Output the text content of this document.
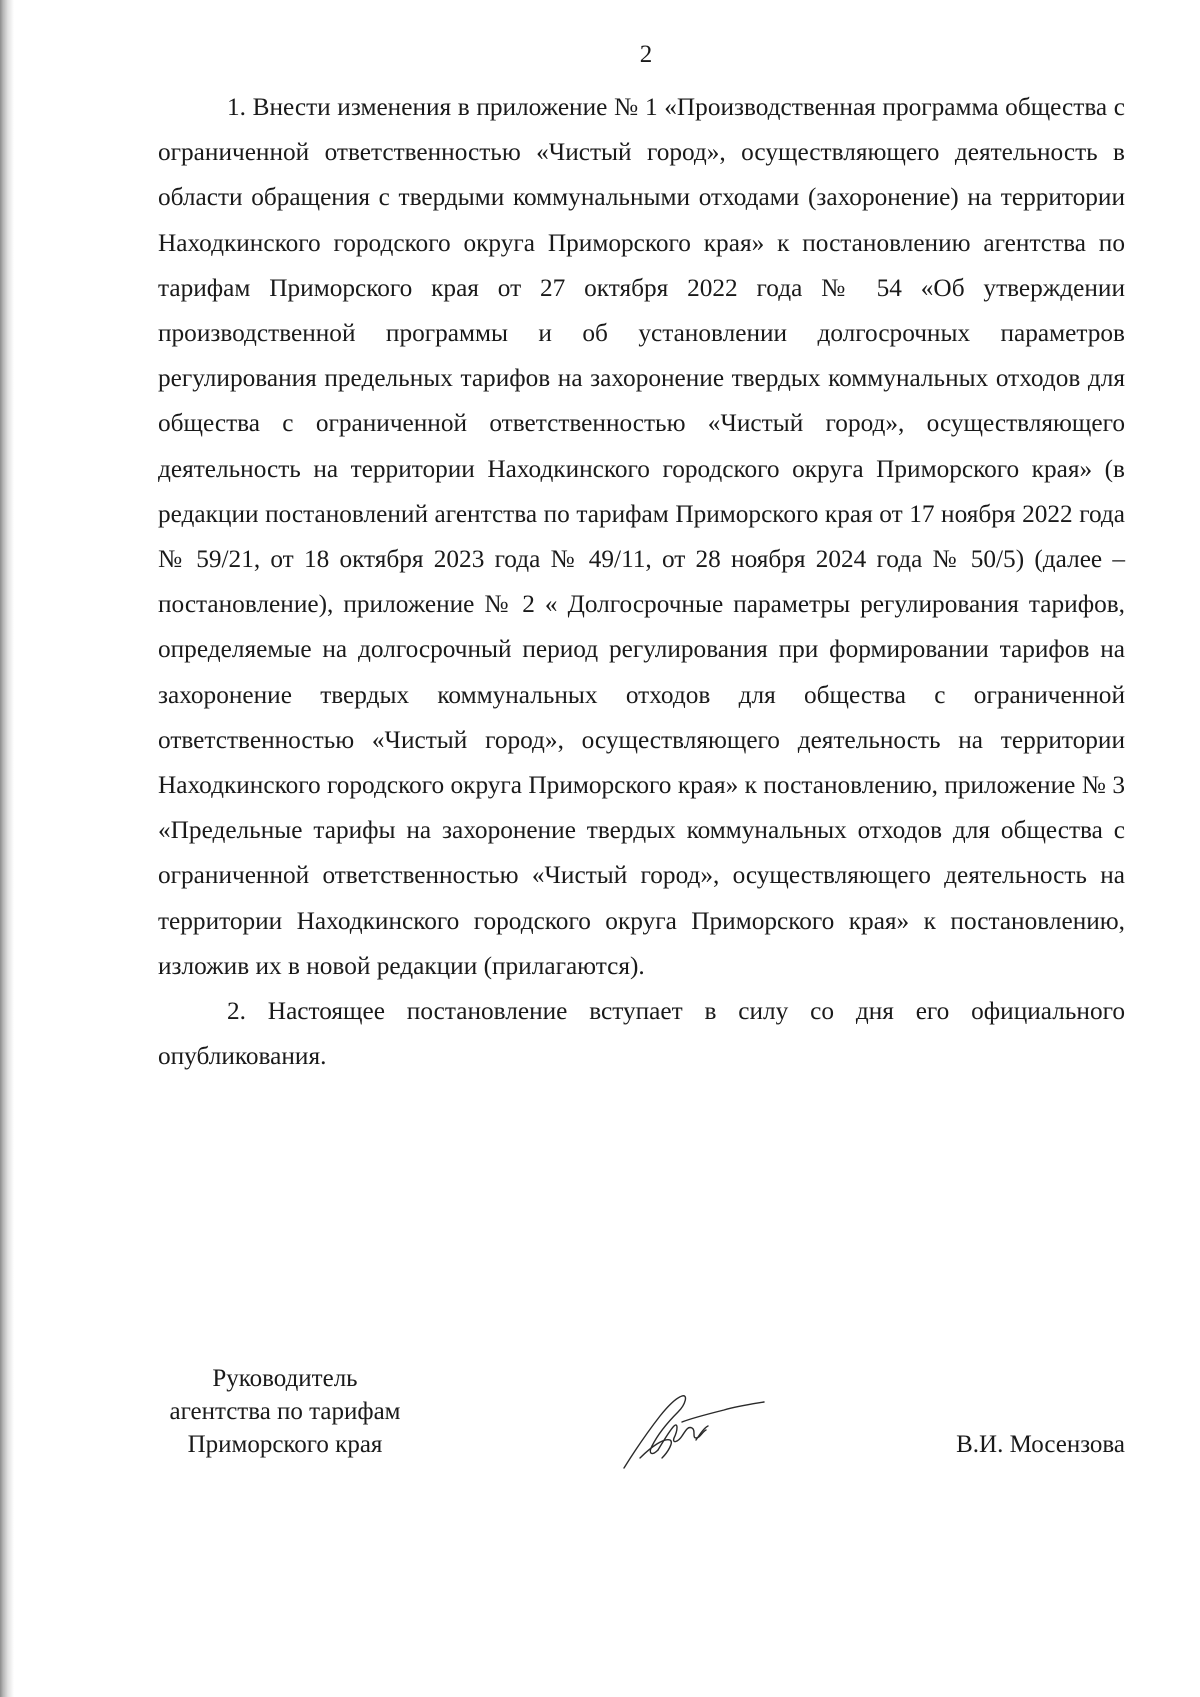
2

1. Внести изменения в приложение № 1 «Производственная программа общества с ограниченной ответственностью «Чистый город», осуществляющего деятельность в области обращения с твердыми коммунальными отходами (захоронение) на территории Находкинского городского округа Приморского края» к постановлению агентства по тарифам Приморского края от 27 октября 2022 года № 54 «Об утверждении производственной программы и об установлении долгосрочных параметров регулирования предельных тарифов на захоронение твердых коммунальных отходов для общества с ограниченной ответственностью «Чистый город», осуществляющего деятельность на территории Находкинского городского округа Приморского края» (в редакции постановлений агентства по тарифам Приморского края от 17 ноября 2022 года № 59/21, от 18 октября 2023 года № 49/11, от 28 ноября 2024 года № 50/5) (далее – постановление), приложение № 2 « Долгосрочные параметры регулирования тарифов, определяемые на долгосрочный период регулирования при формировании тарифов на захоронение твердых коммунальных отходов для общества с ограниченной ответственностью «Чистый город», осуществляющего деятельность на территории Находкинского городского округа Приморского края» к постановлению, приложение № 3 «Предельные тарифы на захоронение твердых коммунальных отходов для общества с ограниченной ответственностью «Чистый город», осуществляющего деятельность на территории Находкинского городского округа Приморского края» к постановлению, изложив их в новой редакции (прилагаются).

2. Настоящее постановление вступает в силу со дня его официального опубликования.

Руководитель
агентства по тарифам
Приморского края	В.И. Мосензова
